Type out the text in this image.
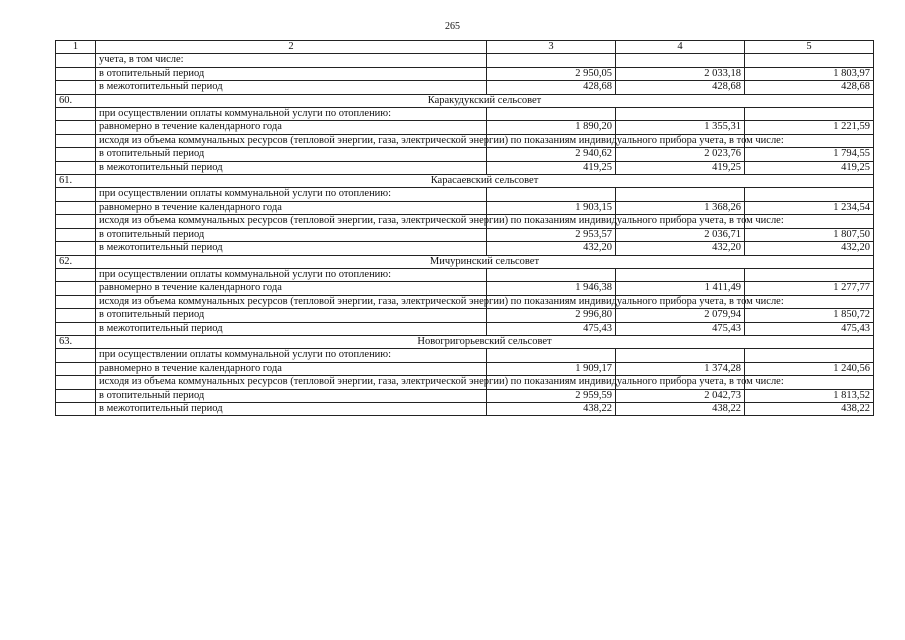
265
1	2	3	4	5
	учета, в том числе:			
	в отопительный период	2 950,05	2 033,18	1 803,97
	в межотопительный период	428,68	428,68	428,68
60.	Каракудукский сельсовет			
	при осуществлении оплаты коммунальной услуги по отоплению:			
	равномерно в течение календарного года	1 890,20	1 355,31	1 221,59
	исходя из объема коммунальных ресурсов (тепловой энергии, газа, электрической энергии) по показаниям индивидуального прибора учета, в том числе:			
	в отопительный период	2 940,62	2 023,76	1 794,55
	в межотопительный период	419,25	419,25	419,25
61.	Карасаевский сельсовет			
	при осуществлении оплаты коммунальной услуги по отоплению:			
	равномерно в течение календарного года	1 903,15	1 368,26	1 234,54
	исходя из объема коммунальных ресурсов (тепловой энергии, газа, электрической энергии) по показаниям индивидуального прибора учета, в том числе:			
	в отопительный период	2 953,57	2 036,71	1 807,50
	в межотопительный период	432,20	432,20	432,20
62.	Мичуринский сельсовет			
	при осуществлении оплаты коммунальной услуги по отоплению:			
	равномерно в течение календарного года	1 946,38	1 411,49	1 277,77
	исходя из объема коммунальных ресурсов (тепловой энергии, газа, электрической энергии) по показаниям индивидуального прибора учета, в том числе:			
	в отопительный период	2 996,80	2 079,94	1 850,72
	в межотопительный период	475,43	475,43	475,43
63.	Новогригорьевский сельсовет			
	при осуществлении оплаты коммунальной услуги по отоплению:			
	равномерно в течение календарного года	1 909,17	1 374,28	1 240,56
	исходя из объема коммунальных ресурсов (тепловой энергии, газа, электрической энергии) по показаниям индивидуального прибора учета, в том числе:			
	в отопительный период	2 959,59	2 042,73	1 813,52
	в межотопительный период	438,22	438,22	438,22
